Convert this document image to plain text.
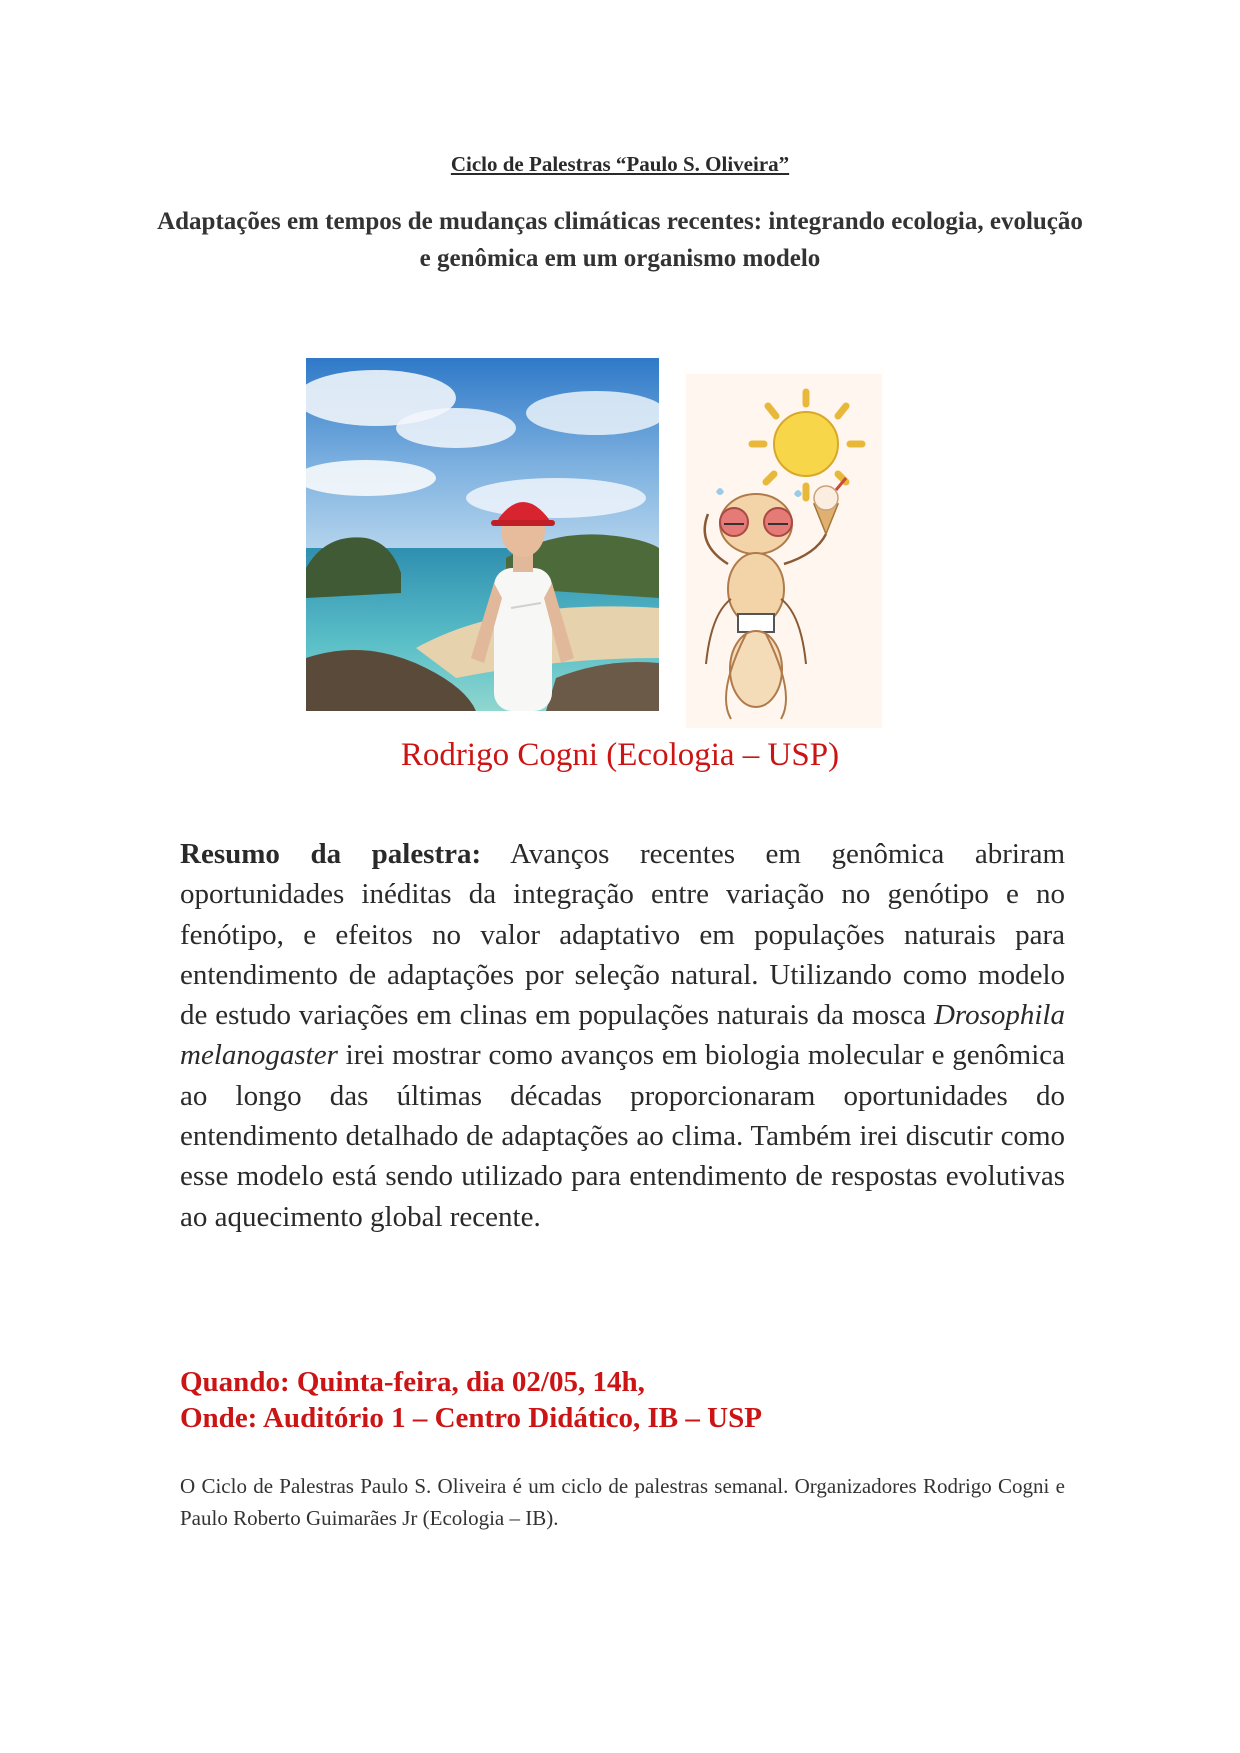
Ciclo de Palestras “Paulo S. Oliveira”
Adaptações em tempos de mudanças climáticas recentes: integrando ecologia, evolução e genômica em um organismo modelo
Rodrigo Cogni (Ecologia – USP)
Resumo da palestra: Avanços recentes em genômica abriram oportunidades inéditas da integração entre variação no genótipo e no fenótipo, e efeitos no valor adaptativo em populações naturais para entendimento de adaptações por seleção natural. Utilizando como modelo de estudo variações em clinas em populações naturais da mosca Drosophila melanogaster irei mostrar como avanços em biologia molecular e genômica ao longo das últimas décadas proporcionaram oportunidades do entendimento detalhado de adaptações ao clima. Também irei discutir como esse modelo está sendo utilizado para entendimento de respostas evolutivas ao aquecimento global recente.
Quando: Quinta-feira, dia 02/05, 14h,
Onde: Auditório 1 – Centro Didático, IB – USP
O Ciclo de Palestras Paulo S. Oliveira é um ciclo de palestras semanal. Organizadores Rodrigo Cogni e Paulo Roberto Guimarães Jr (Ecologia – IB).
